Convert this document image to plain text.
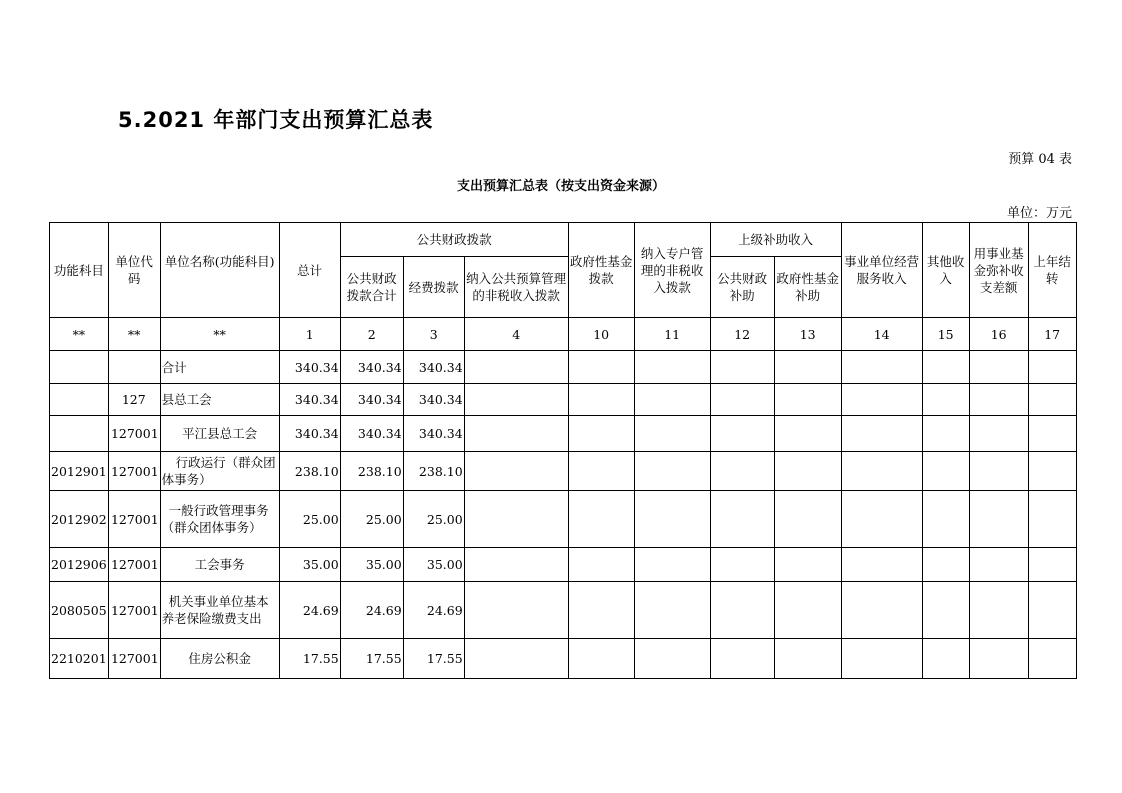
5.2021 年部门支出预算汇总表
预算 04 表
支出预算汇总表（按支出资金来源）
单位：万元
功能科目	单位代码	单位名称(功能科目)	总计	公共财政拨款			政府性基金拨款	纳入专户管理的非税收入拨款	上级补助收入		事业单位经营服务收入	其他收入	用事业基金弥补收支差额	上年结转
				公共财政拨款合计	经费拨款	纳入公共预算管理的非税收入拨款			公共财政补助	政府性基金补助				
**	**	**	1	2	3	4	10	11	12	13	14	15	16	17
		合计	340.34	340.34	340.34									
	127	县总工会	340.34	340.34	340.34									
	127001	平江县总工会	340.34	340.34	340.34									
2012901	127001	行政运行（群众团体事务）	238.10	238.10	238.10									
2012902	127001	一般行政管理事务（群众团体事务）	25.00	25.00	25.00									
2012906	127001	工会事务	35.00	35.00	35.00									
2080505	127001	机关事业单位基本养老保险缴费支出	24.69	24.69	24.69									
2210201	127001	住房公积金	17.55	17.55	17.55									
